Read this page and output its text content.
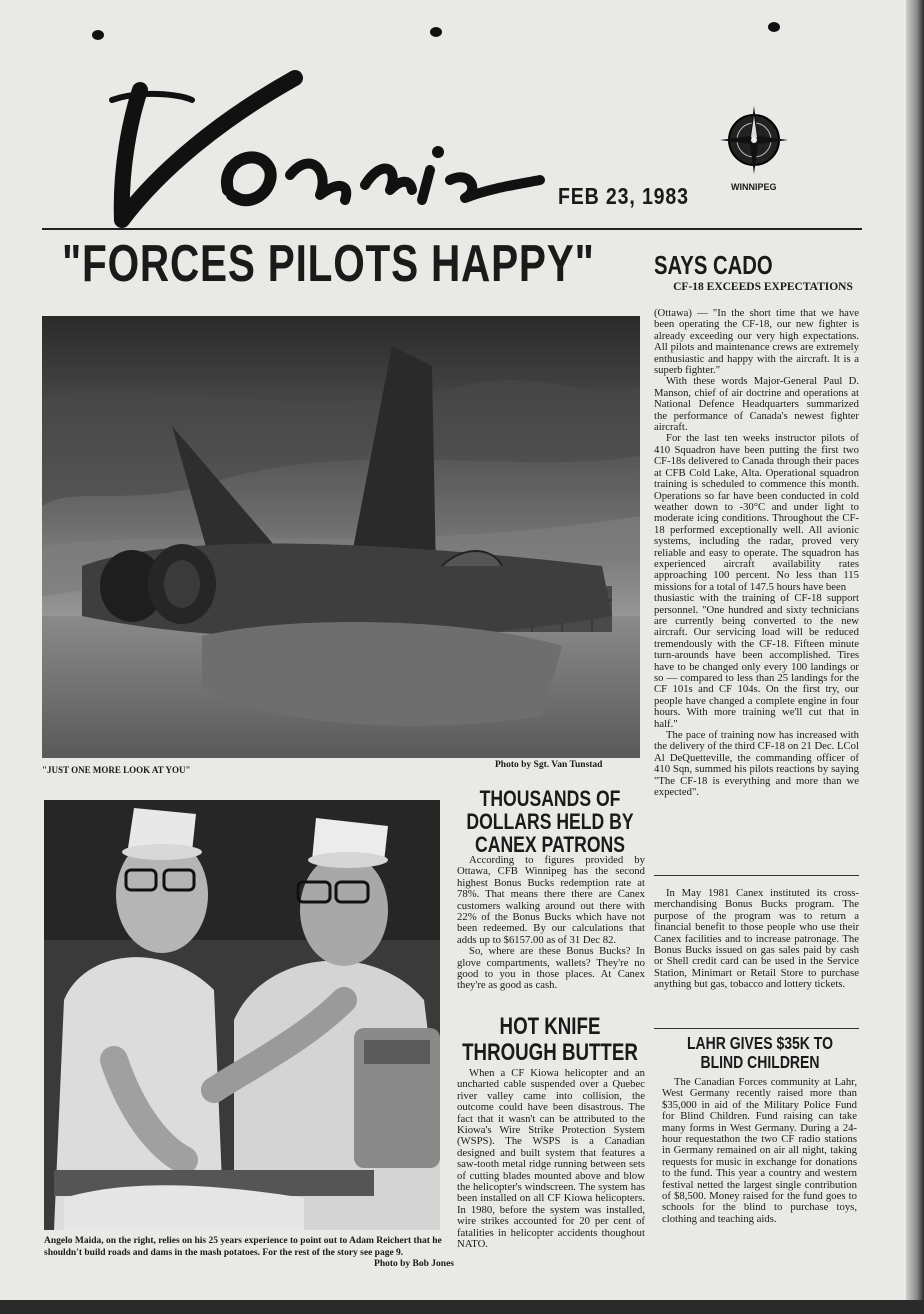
FEB 23, 1983	WINNIPEG
"FORCES PILOTS HAPPY" SAYS CADO
CF-18 EXCEEDS EXPECTATIONS
"JUST ONE MORE LOOK AT YOU"	Photo by Sgt. Van Tunstad
Angelo Maida, on the right, relies on his 25 years experience to point out to Adam Reichert that he shouldn't build roads and dams in the mash potatoes. For the rest of the story see page 9.
Photo by Bob Jones

(Ottawa) — "In the short time that we have been operating the CF-18, our new fighter is already exceeding our very high expectations. All pilots and maintenance crews are extremely enthusiastic and happy with the aircraft. It is a superb fighter."

With these words Major-General Paul D. Manson, chief of air doctrine and operations at National Defence Headquarters summarized the performance of Canada's newest fighter aircraft.

For the last ten weeks instructor pilots of 410 Squadron have been putting the first two CF-18s delivered to Canada through their paces at CFB Cold Lake, Alta. Operational squadron training is scheduled to commence this month. Operations so far have been conducted in cold weather down to -30°C and under light to moderate icing conditions. Throughout the CF-18 performed exceptionally well. All avionic systems, including the radar, proved very reliable and easy to operate. The squadron has experienced aircraft availability rates approaching 100 percent. No less than 115 missions for a total of 147.5 hours have been

thusiastic with the training of CF-18 support personnel. "One hundred and sixty technicians are currently being converted to the new aircraft. Our servicing load will be reduced tremendously with the CF-18. Fifteen minute turn-arounds have been accomplished. Tires have to be changed only every 100 landings or so — compared to less than 25 landings for the CF 101s and CF 104s. On the first try, our people have changed a complete engine in four hours. With more training we'll cut that in half."

The pace of training now has increased with the delivery of the third CF-18 on 21 Dec. LCol Al DeQuetteville, the commanding officer of 410 Sqn, summed his pilots reactions by saying "The CF-18 is everything and more than we expected".

In May 1981 Canex instituted its cross-merchandising Bonus Bucks program. The purpose of the program was to return a financial benefit to those people who use their Canex facilities and to increase patronage. The Bonus Bucks issued on gas sales paid by cash or Shell credit card can be used in the Service Station, Minimart or Retail Store to purchase anything but gas, tobacco and lottery tickets.

THOUSANDS OF DOLLARS HELD BY CANEX PATRONS

According to figures provided by Ottawa, CFB Winnipeg has the second highest Bonus Bucks redemption rate at 78%. That means there there are Canex customers walking around out there with 22% of the Bonus Bucks which have not been redeemed. By our calculations that adds up to $6157.00 as of 31 Dec 82.

So, where are these Bonus Bucks? In glove compartments, wallets? They're no good to you in those places. At Canex they're as good as cash.

HOT KNIFE THROUGH BUTTER

When a CF Kiowa helicopter and an uncharted cable suspended over a Quebec river valley came into collision, the outcome could have been disastrous. The fact that it wasn't can be attributed to the Kiowa's Wire Strike Protection System (WSPS). The WSPS is a Canadian designed and built system that features a saw-tooth metal ridge running between sets of cutting blades mounted above and blow the helicopter's windscreen. The system has been installed on all CF Kiowa helicopters. In 1980, before the system was installed, wire strikes accounted for 20 per cent of fatalities in helicopter accidents thoughout NATO.

LAHR GIVES $35K TO BLIND CHILDREN

The Canadian Forces community at Lahr, West Germany recently raised more than $35,000 in aid of the Military Police Fund for Blind Children. Fund raising can take many forms in West Germany. During a 24-hour requestathon the two CF radio stations in Germany remained on air all night, taking requests for music in exchange for donations to the fund. This year a country and western festival netted the largest single contribution of $8,500. Money raised for the fund goes to schools for the blind to purchase toys, clothing and teaching aids.
